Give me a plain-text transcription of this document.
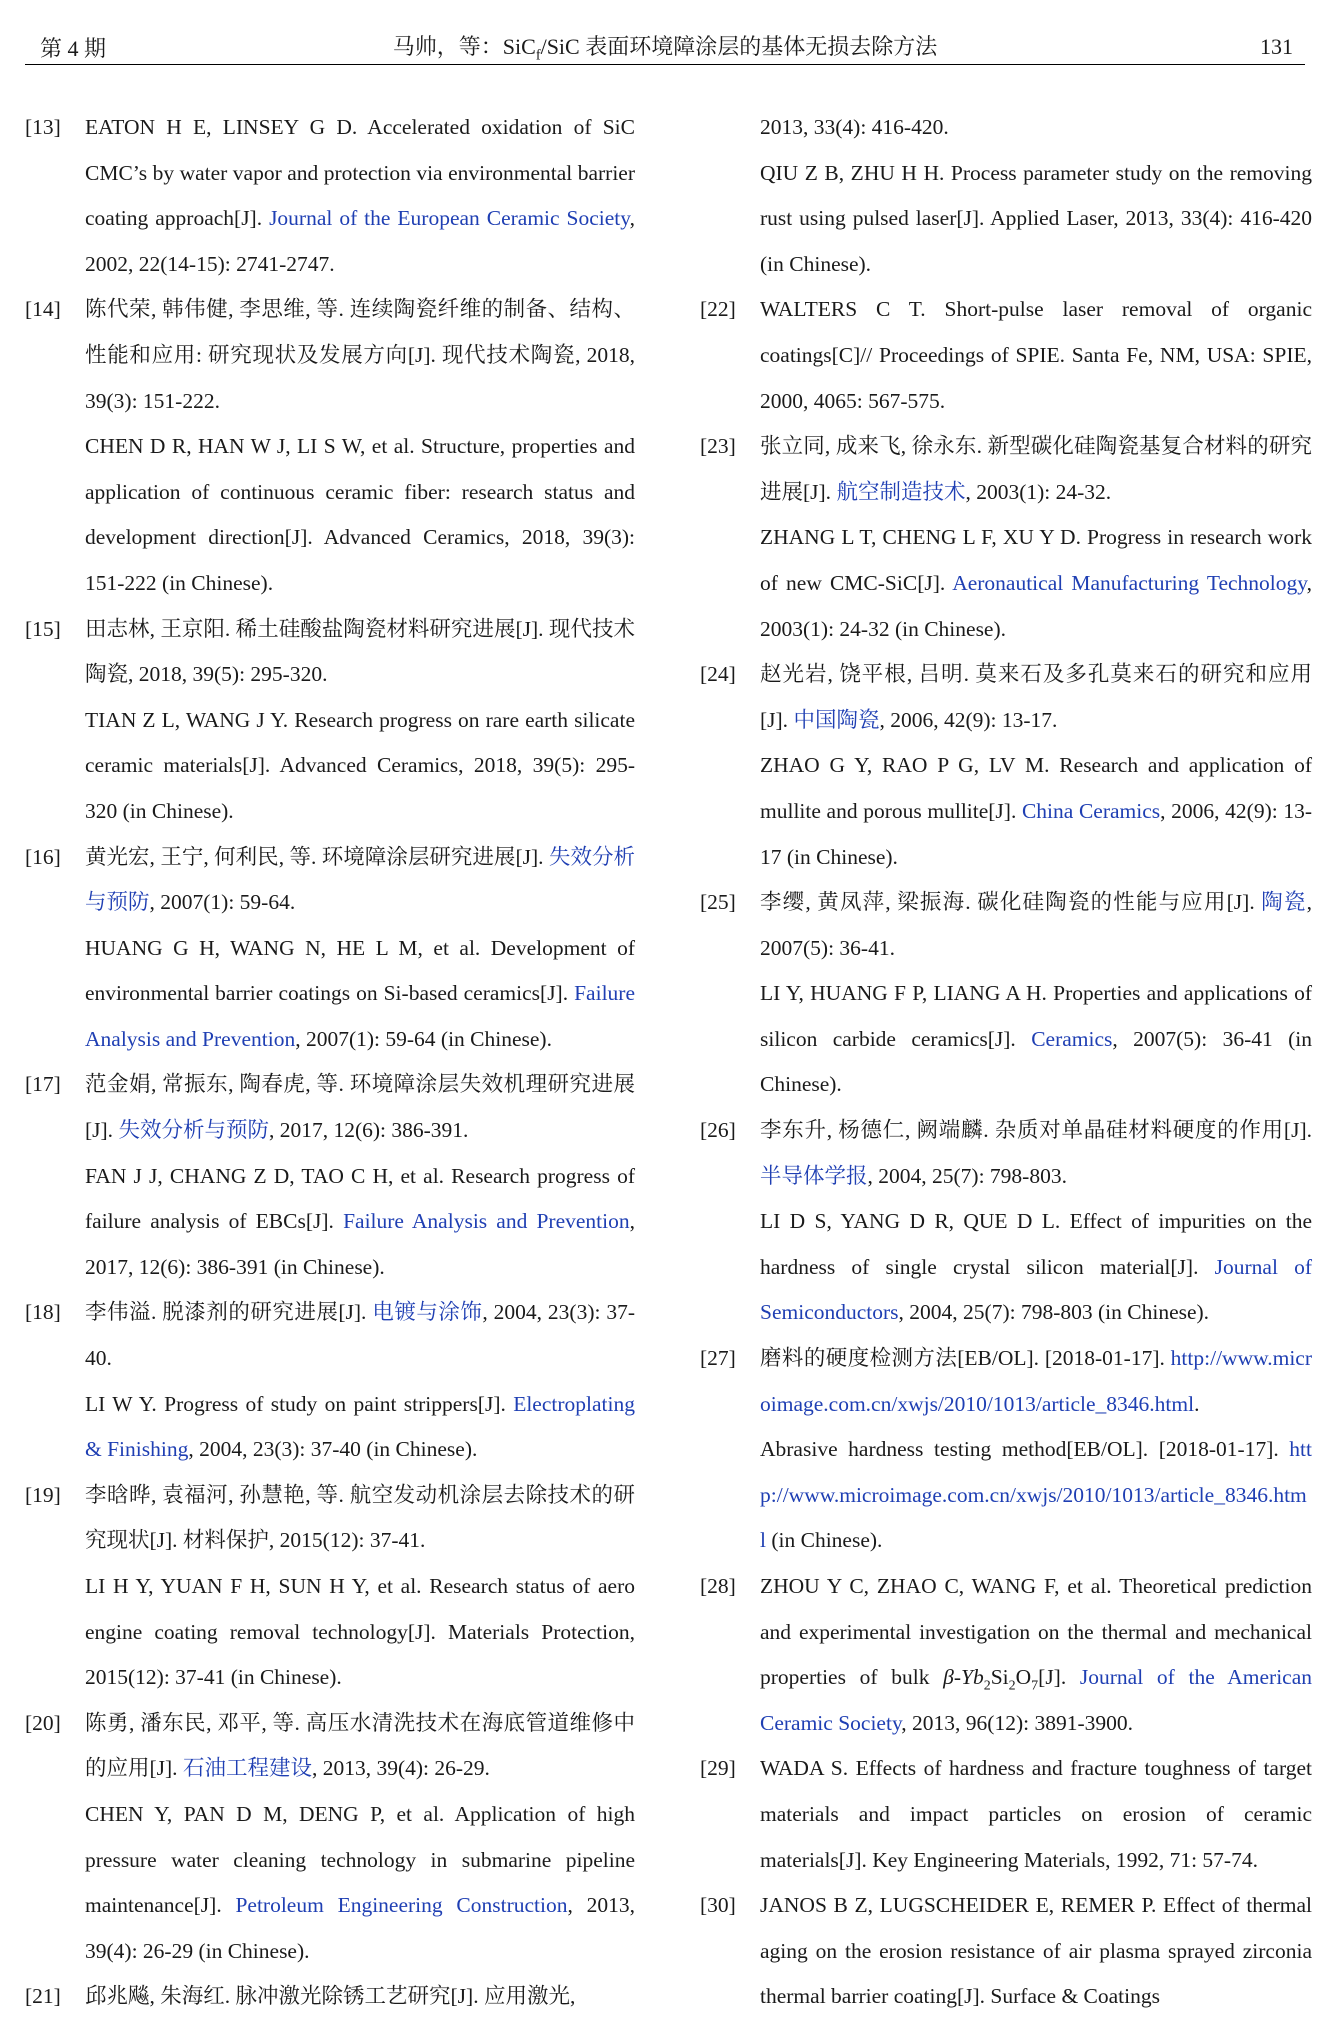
第 4 期	马帅，等：SiC$_f$/SiC 表面环境障涂层的基体无损去除方法	131
[13]	EATON H E, LINSEY G D. Accelerated oxidation of SiC CMC’s by water vapor and protection via environmental barrier coating approach[J]. Journal of the European Ceramic Society, 2002, 22(14-15): 2741-2747.
[14]	陈代荣, 韩伟健, 李思维, 等. 连续陶瓷纤维的制备、结构、性能和应用: 研究现状及发展方向[J]. 现代技术陶瓷, 2018, 39(3): 151-222.
CHEN D R, HAN W J, LI S W, et al. Structure, properties and application of continuous ceramic fiber: research status and development direction[J]. Advanced Ceramics, 2018, 39(3): 151-222 (in Chinese).
[15]	田志林, 王京阳. 稀土硅酸盐陶瓷材料研究进展[J]. 现代技术陶瓷, 2018, 39(5): 295-320.
TIAN Z L, WANG J Y. Research progress on rare earth silicate ceramic materials[J]. Advanced Ceramics, 2018, 39(5): 295-320 (in Chinese).
[16]	黄光宏, 王宁, 何利民, 等. 环境障涂层研究进展[J]. 失效分析与预防, 2007(1): 59-64.
HUANG G H, WANG N, HE L M, et al. Development of environmental barrier coatings on Si-based ceramics[J]. Failure Analysis and Prevention, 2007(1): 59-64 (in Chinese).
[17]	范金娟, 常振东, 陶春虎, 等. 环境障涂层失效机理研究进展[J]. 失效分析与预防, 2017, 12(6): 386-391.
FAN J J, CHANG Z D, TAO C H, et al. Research progress of failure analysis of EBCs[J]. Failure Analysis and Prevention, 2017, 12(6): 386-391 (in Chinese).
[18]	李伟溢. 脱漆剂的研究进展[J]. 电镀与涂饰, 2004, 23(3): 37-40.
LI W Y. Progress of study on paint strippers[J]. Electroplating & Finishing, 2004, 23(3): 37-40 (in Chinese).
[19]	李晗晔, 袁福河, 孙慧艳, 等. 航空发动机涂层去除技术的研究现状[J]. 材料保护, 2015(12): 37-41.
LI H Y, YUAN F H, SUN H Y, et al. Research status of aero engine coating removal technology[J]. Materials Protection, 2015(12): 37-41 (in Chinese).
[20]	陈勇, 潘东民, 邓平, 等. 高压水清洗技术在海底管道维修中的应用[J]. 石油工程建设, 2013, 39(4): 26-29.
CHEN Y, PAN D M, DENG P, et al. Application of high pressure water cleaning technology in submarine pipeline maintenance[J]. Petroleum Engineering Construction, 2013, 39(4): 26-29 (in Chinese).
[21]	邱兆飚, 朱海红. 脉冲激光除锈工艺研究[J]. 应用激光,
2013, 33(4): 416-420.
QIU Z B, ZHU H H. Process parameter study on the removing rust using pulsed laser[J]. Applied Laser, 2013, 33(4): 416-420 (in Chinese).
[22]	WALTERS C T. Short-pulse laser removal of organic coatings[C]// Proceedings of SPIE. Santa Fe, NM, USA: SPIE, 2000, 4065: 567-575.
[23]	张立同, 成来飞, 徐永东. 新型碳化硅陶瓷基复合材料的研究进展[J]. 航空制造技术, 2003(1): 24-32.
ZHANG L T, CHENG L F, XU Y D. Progress in research work of new CMC-SiC[J]. Aeronautical Manufacturing Technology, 2003(1): 24-32 (in Chinese).
[24]	赵光岩, 饶平根, 吕明. 莫来石及多孔莫来石的研究和应用[J]. 中国陶瓷, 2006, 42(9): 13-17.
ZHAO G Y, RAO P G, LV M. Research and application of mullite and porous mullite[J]. China Ceramics, 2006, 42(9): 13-17 (in Chinese).
[25]	李缨, 黄凤萍, 梁振海. 碳化硅陶瓷的性能与应用[J]. 陶瓷, 2007(5): 36-41.
LI Y, HUANG F P, LIANG A H. Properties and applications of silicon carbide ceramics[J]. Ceramics, 2007(5): 36-41 (in Chinese).
[26]	李东升, 杨德仁, 阙端麟. 杂质对单晶硅材料硬度的作用[J]. 半导体学报, 2004, 25(7): 798-803.
LI D S, YANG D R, QUE D L. Effect of impurities on the hardness of single crystal silicon material[J]. Journal of Semiconductors, 2004, 25(7): 798-803 (in Chinese).
[27]	磨料的硬度检测方法[EB/OL]. [2018-01-17]. http://www.microimage.com.cn/xwjs/2010/1013/article_8346.html.
Abrasive hardness testing method[EB/OL]. [2018-01-17]. http://www.microimage.com.cn/xwjs/2010/1013/article_8346.html (in Chinese).
[28]	ZHOU Y C, ZHAO C, WANG F, et al. Theoretical prediction and experimental investigation on the thermal and mechanical properties of bulk $\beta-Yb_2Si_2O_7[J]$. Journal of the American Ceramic Society, 2013, 96(12): 3891-3900.
[29]	WADA S. Effects of hardness and fracture toughness of target materials and impact particles on erosion of ceramic materials[J]. Key Engineering Materials, 1992, 71: 57-74.
[30]	JANOS B Z, LUGSCHEIDER E, REMER P. Effect of thermal aging on the erosion resistance of air plasma sprayed zirconia thermal barrier coating[J]. Surface & Coatings
